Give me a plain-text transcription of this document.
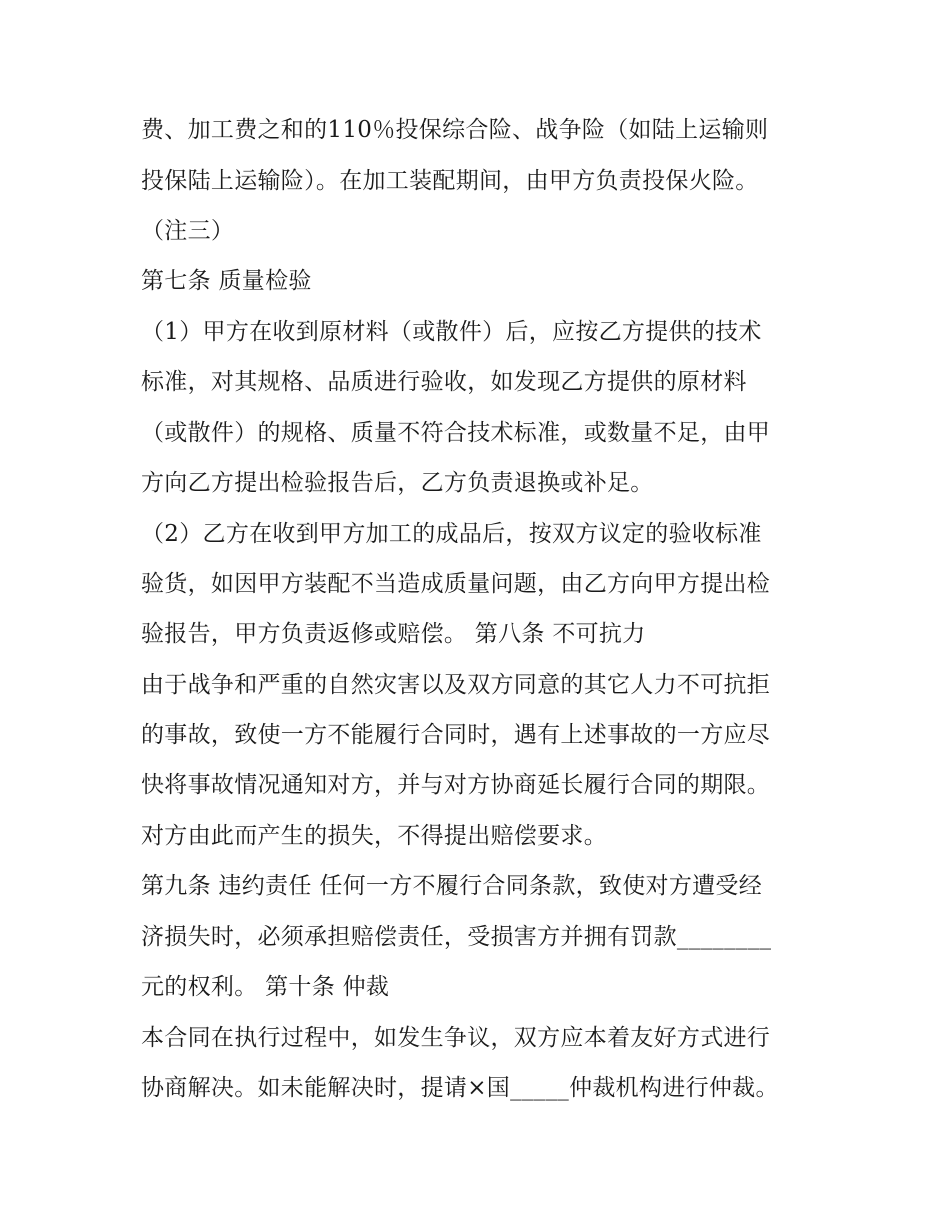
费、加工费之和的110％投保综合险、战争险（如陆上运输则
投保陆上运输险）。在加工装配期间，由甲方负责投保火险。
（注三）
第七条 质量检验
（1）甲方在收到原材料（或散件）后，应按乙方提供的技术
标准，对其规格、品质进行验收，如发现乙方提供的原材料
（或散件）的规格、质量不符合技术标准，或数量不足，由甲
方向乙方提出检验报告后，乙方负责退换或补足。
（2）乙方在收到甲方加工的成品后，按双方议定的验收标准
验货，如因甲方装配不当造成质量问题，由乙方向甲方提出检
验报告，甲方负责返修或赔偿。 第八条 不可抗力
由于战争和严重的自然灾害以及双方同意的其它人力不可抗拒
的事故，致使一方不能履行合同时，遇有上述事故的一方应尽
快将事故情况通知对方，并与对方协商延长履行合同的期限。
对方由此而产生的损失，不得提出赔偿要求。
第九条 违约责任 任何一方不履行合同条款，致使对方遭受经
济损失时，必须承担赔偿责任，受损害方并拥有罚款________
元的权利。 第十条 仲裁
本合同在执行过程中，如发生争议，双方应本着友好方式进行
协商解决。如未能解决时，提请×国_____仲裁机构进行仲裁。
